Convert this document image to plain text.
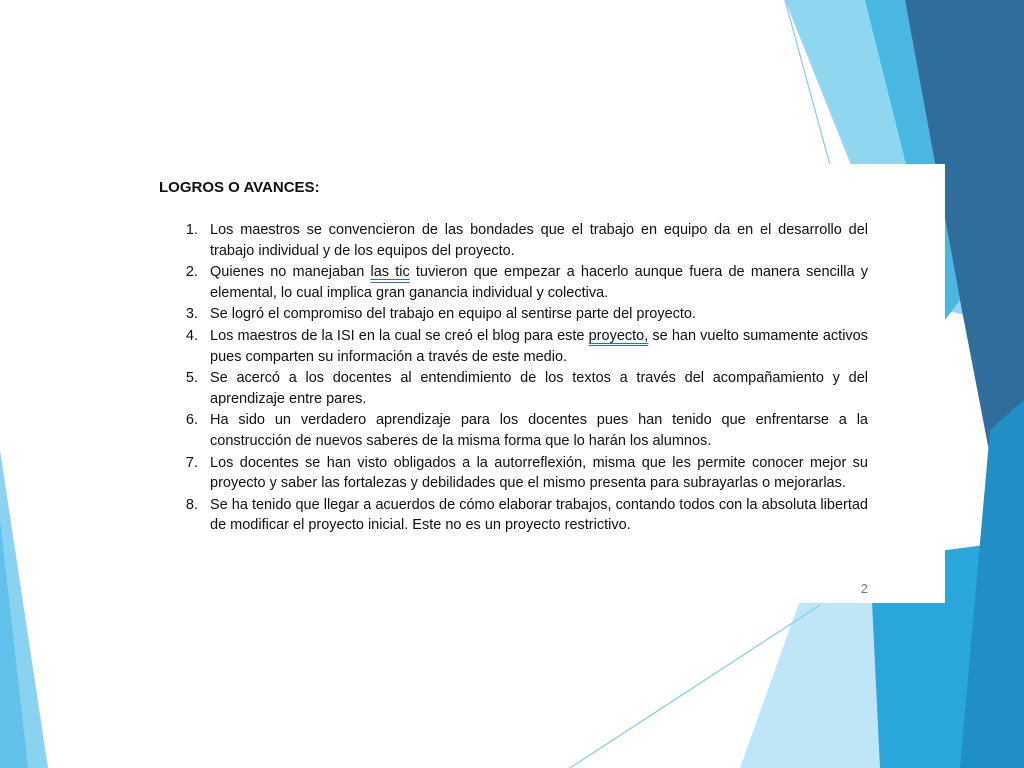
LOGROS O AVANCES:
1. Los maestros se convencieron de las bondades que el trabajo en equipo da en el desarrollo del trabajo individual y de los equipos del proyecto.
2. Quienes no manejaban las tic tuvieron que empezar a hacerlo aunque fuera de manera sencilla y elemental, lo cual implica gran ganancia individual y colectiva.
3. Se logró el compromiso del trabajo en equipo al sentirse parte del proyecto.
4. Los maestros de la ISI en la cual se creó el blog para este proyecto, se han vuelto sumamente activos pues comparten su información a través de este medio.
5. Se acercó a los docentes al entendimiento de los textos a través del acompañamiento y del aprendizaje entre pares.
6. Ha sido un verdadero aprendizaje para los docentes pues han tenido que enfrentarse a la construcción de nuevos saberes de la misma forma que lo harán los alumnos.
7. Los docentes se han visto obligados a la autorreflexión, misma que les permite conocer mejor su proyecto y saber las fortalezas y debilidades que el mismo presenta para subrayarlas o mejorarlas.
8. Se ha tenido que llegar a acuerdos de cómo elaborar trabajos, contando todos con la absoluta libertad de modificar el proyecto inicial. Este no es un proyecto restrictivo.
2
